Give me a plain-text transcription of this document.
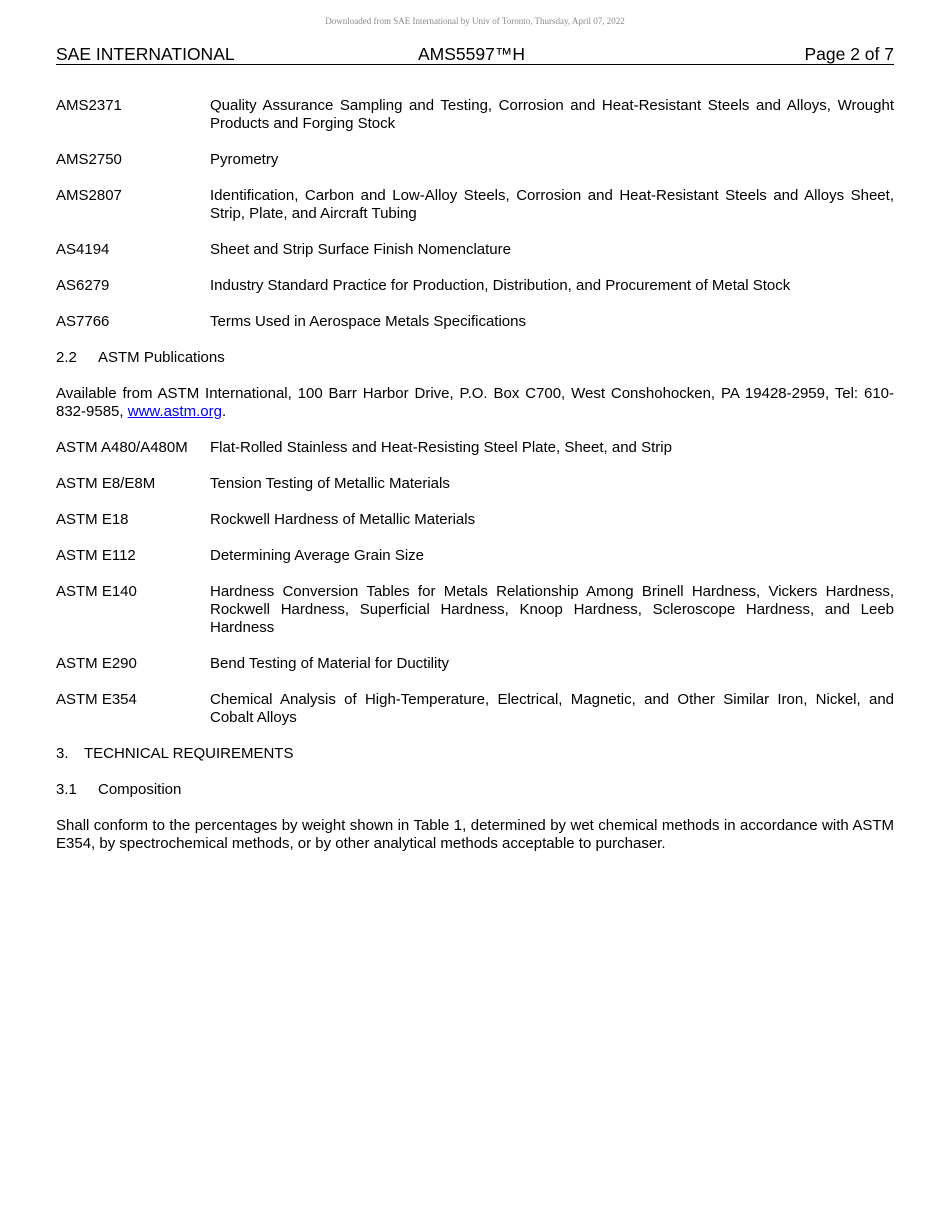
Downloaded from SAE International by Univ of Toronto, Thursday, April 07, 2022
SAE INTERNATIONAL	AMS5597™H	Page 2 of 7
AMS2371	Quality Assurance Sampling and Testing, Corrosion and Heat-Resistant Steels and Alloys, Wrought Products and Forging Stock
AMS2750	Pyrometry
AMS2807	Identification, Carbon and Low-Alloy Steels, Corrosion and Heat-Resistant Steels and Alloys Sheet, Strip, Plate, and Aircraft Tubing
AS4194	Sheet and Strip Surface Finish Nomenclature
AS6279	Industry Standard Practice for Production, Distribution, and Procurement of Metal Stock
AS7766	Terms Used in Aerospace Metals Specifications
2.2 ASTM Publications
Available from ASTM International, 100 Barr Harbor Drive, P.O. Box C700, West Conshohocken, PA 19428-2959, Tel: 610-832-9585, www.astm.org.
ASTM A480/A480M	Flat-Rolled Stainless and Heat-Resisting Steel Plate, Sheet, and Strip
ASTM E8/E8M	Tension Testing of Metallic Materials
ASTM E18	Rockwell Hardness of Metallic Materials
ASTM E112	Determining Average Grain Size
ASTM E140	Hardness Conversion Tables for Metals Relationship Among Brinell Hardness, Vickers Hardness, Rockwell Hardness, Superficial Hardness, Knoop Hardness, Scleroscope Hardness, and Leeb Hardness
ASTM E290	Bend Testing of Material for Ductility
ASTM E354	Chemical Analysis of High-Temperature, Electrical, Magnetic, and Other Similar Iron, Nickel, and Cobalt Alloys
3. TECHNICAL REQUIREMENTS
3.1 Composition
Shall conform to the percentages by weight shown in Table 1, determined by wet chemical methods in accordance with ASTM E354, by spectrochemical methods, or by other analytical methods acceptable to purchaser.
